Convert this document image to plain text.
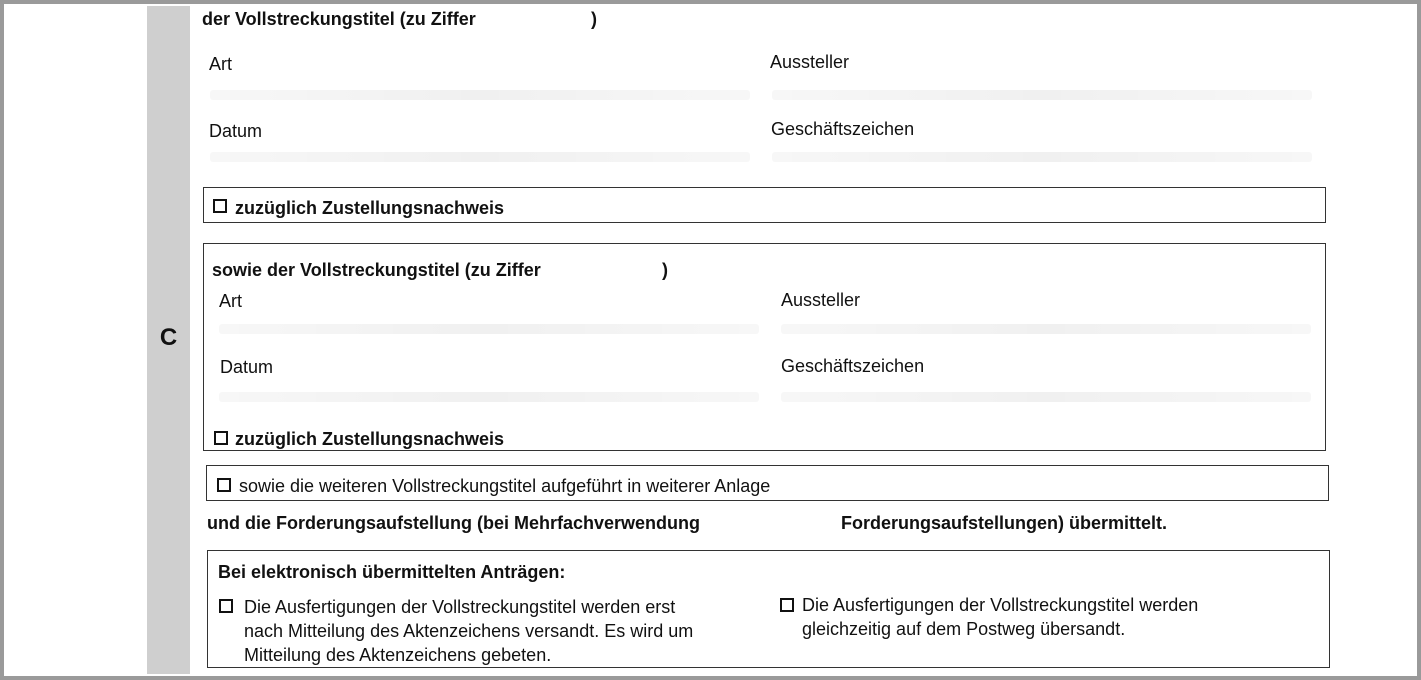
C
der Vollstreckungstitel (zu Ziffer	)
Art	Aussteller
Datum	Geschäftszeichen
zuzüglich Zustellungsnachweis
sowie der Vollstreckungstitel (zu Ziffer	)
Art	Aussteller
Datum	Geschäftszeichen
zuzüglich Zustellungsnachweis
sowie die weiteren Vollstreckungstitel aufgeführt in weiterer Anlage
und die Forderungsaufstellung (bei Mehrfachverwendung	Forderungsaufstellungen) übermittelt.
Bei elektronisch übermittelten Anträgen:
Die Ausfertigungen der Vollstreckungstitel werden erst
nach Mitteilung des Aktenzeichens versandt. Es wird um
Mitteilung des Aktenzeichens gebeten.
Die Ausfertigungen der Vollstreckungstitel werden
gleichzeitig auf dem Postweg übersandt.
